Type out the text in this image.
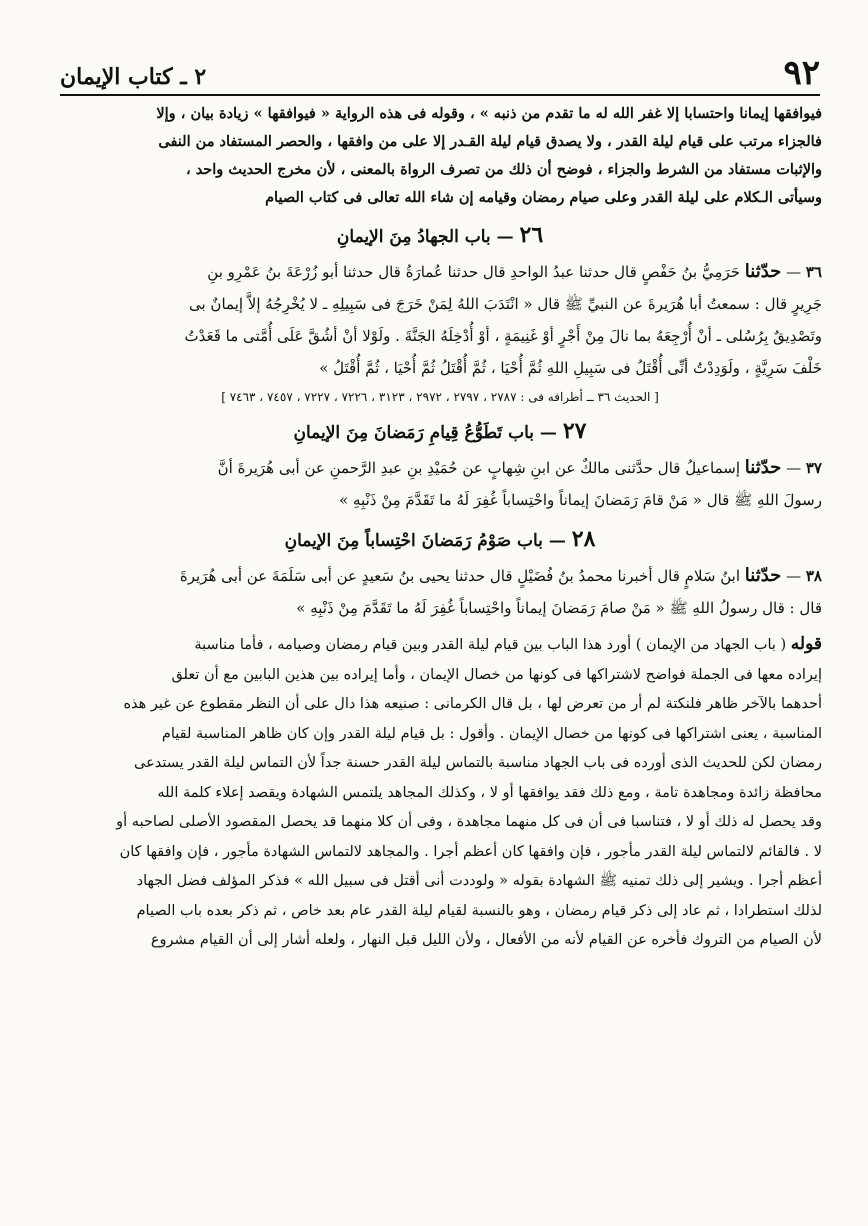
٩٢
٢ ـ كتاب الإيمان

فيوافقها إيمانا واحتسابا إلا غفر الله له ما تقدم من ذنبه » ، وقوله فى هذه الرواية « فيوافقها » زيادة بيان ، وإلا

فالجزاء مرتب على قيام ليلة القدر ، ولا يصدق قيام ليلة القـدر إلا على من وافقها ، والحصر المستفاد من النفى

والإثبات مستفاد من الشرط والجزاء ، فوضح أن ذلك من تصرف الرواة بالمعنى ، لأن مخرج الحديث واحد ،

وسيأتى الـكلام على ليلة القدر وعلى صيام رمضان وقيامه إن شاء الله تعالى فى كتاب الصيام

٢٦ — باب الجهادُ مِنَ الإيمانِ

٣٦ — حدّثنا حَرَمِيُّ بنُ حَفْصٍ قال حدثنا عبدُ الواحدِ قال حدثنا عُمارَةُ قال حدثنا أبو زُرْعَةَ بنُ عَمْرِو بنِ

جَرِيرٍ قال : سمعتُ أبا هُرَيرةَ عن النبيِّ ﷺ قال « انْتَدَبَ اللهُ لِمَنْ خَرَجَ فى سَبِيلِهِ ـ لا يُخْرِجُهُ إلاَّ إيمانٌ بى

وتَصْدِيقٌ بِرُسُلى ـ أنْ أُرْجِعَهُ بما نالَ مِنْ أَجْرٍ أوْ غَنِيمَةٍ ، أوْ أُدْخِلَهُ الجَنَّةَ . ولَوْلا أنْ أشُقَّ عَلَى أُمَّتى ما قَعَدْتُ

خَلْفَ سَرِيَّةٍ ، ولَوَدِدْتُ أنِّى أُقْتَلُ فى سَبِيلِ اللهِ ثُمَّ أُحْيَا ، ثُمَّ أُقْتَلُ ثُمَّ أُحْيَا ، ثُمَّ أُقْتَلُ »

[ الحديث ٣٦ ــ أطرافه فى : ٢٧٨٧ ، ٢٧٩٧ ، ٢٩٧٢ ، ٣١٢٣ ، ٧٢٢٦ ، ٧٢٢٧ ، ٧٤٥٧ ، ٧٤٦٣ ]

٢٧ — باب تَطَوُّعُ قِيامِ رَمَضانَ مِنَ الإيمانِ

٣٧ — حدّثنا إسماعيلُ قال حدَّثنى مالكٌ عن ابنِ شِهابٍ عن حُمَيْدِ بنِ عبدِ الرَّحمنِ عن أبى هُرَيرةَ أنَّ

رسولَ اللهِ ﷺ قال « مَنْ قامَ رَمَضانَ إيماناً واحْتِساباً غُفِرَ لَهُ ما تَقَدَّمَ مِنْ ذَنْبِهِ »

٢٨ — باب صَوْمُ رَمَضانَ احْتِساباً مِنَ الإيمانِ

٣٨ — حدّثنا ابنُ سَلامٍ قال أخبرنا محمدُ بنُ فُضَيْلٍ قال حدثنا يحيى بنُ سَعيدٍ عن أبى سَلَمَةَ عن أبى هُرَيرةَ

قال : قال رسولُ اللهِ ﷺ « مَنْ صامَ رَمَضانَ إيماناً واحْتِساباً غُفِرَ لَهُ ما تَقَدَّمَ مِنْ ذَنْبِهِ »

قوله ( باب الجهاد من الإيمان ) أورد هذا الباب بين قيام ليلة القدر وبين قيام رمضان وصيامه ، فأما مناسبة

إيراده معها فى الجملة فواضح لاشتراكها فى كونها من خصال الإيمان ، وأما إيراده بين هذين البابين مع أن تعلق

أحدهما بالآخر ظاهر فلنكتة لم أر من تعرض لها ، بل قال الكرمانى : صنيعه هذا دال على أن النظر مقطوع عن غير هذه

المناسبة ، يعنى اشتراكها فى كونها من خصال الإيمان . وأقول : بل قيام ليلة القدر وإن كان ظاهر المناسبة لقيام

رمضان لكن للحديث الذى أورده فى باب الجهاد مناسبة بالتماس ليلة القدر حسنة جداً لأن التماس ليلة القدر يستدعى

محافظة زائدة ومجاهدة تامة ، ومع ذلك فقد يوافقها أو لا ، وكذلك المجاهد يلتمس الشهادة ويقصد إعلاء كلمة الله

وقد يحصل له ذلك أو لا ، فتناسبا فى أن فى كل منهما مجاهدة ، وفى أن كلا منهما قد يحصل المقصود الأصلى لصاحبه أو

لا . فالقائم لالتماس ليلة القدر مأجور ، فإن وافقها كان أعظم أجرا . والمجاهد لالتماس الشهادة مأجور ، فإن وافقها كان

أعظم أجرا . ويشير إلى ذلك تمنيه ﷺ الشهادة بقوله « ولوددت أنى أقتل فى سبيل الله » فذكر المؤلف فضل الجهاد

لذلك استطرادا ، ثم عاد إلى ذكر قيام رمضان ، وهو بالنسبة لقيام ليلة القدر عام بعد خاص ، ثم ذكر بعده باب الصيام

لأن الصيام من التروك فأخره عن القيام لأنه من الأفعال ، ولأن الليل قبل النهار ، ولعله أشار إلى أن القيام مشروع
